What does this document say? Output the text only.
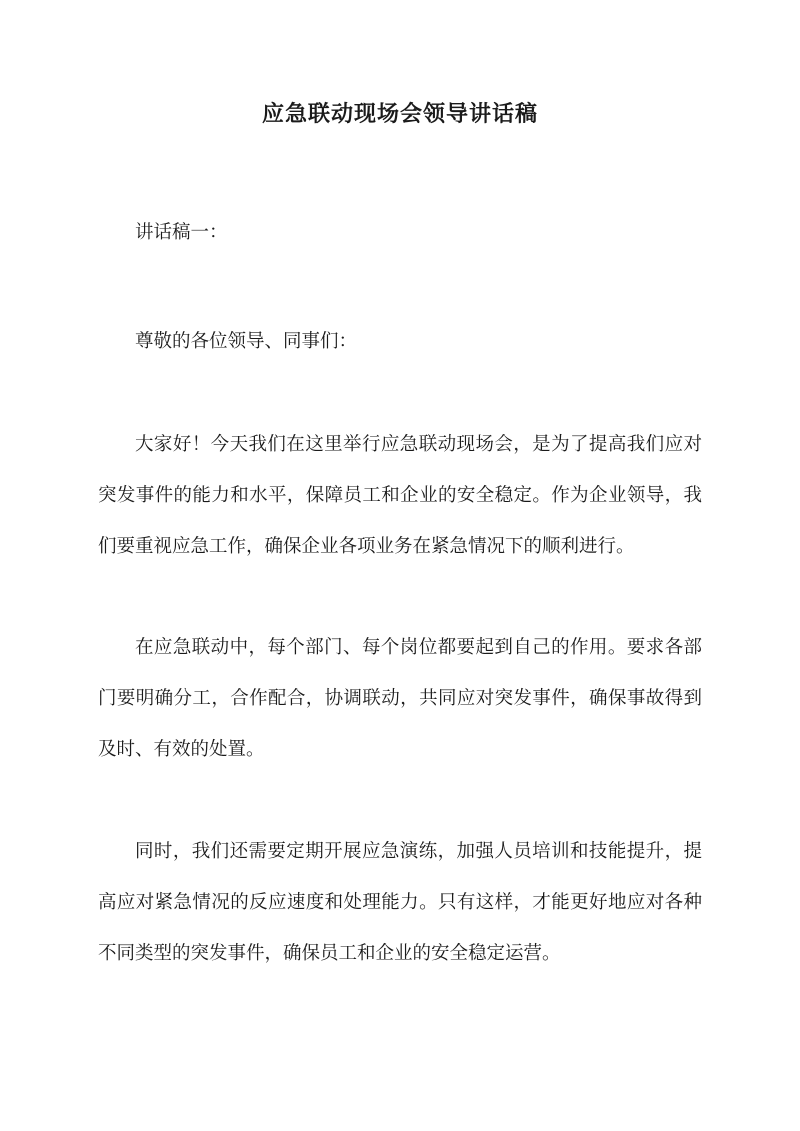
应急联动现场会领导讲话稿

讲话稿一：

尊敬的各位领导、同事们：

大家好！今天我们在这里举行应急联动现场会，是为了提高我们应对突发事件的能力和水平，保障员工和企业的安全稳定。作为企业领导，我们要重视应急工作，确保企业各项业务在紧急情况下的顺利进行。

在应急联动中，每个部门、每个岗位都要起到自己的作用。要求各部门要明确分工，合作配合，协调联动，共同应对突发事件，确保事故得到及时、有效的处置。

同时，我们还需要定期开展应急演练，加强人员培训和技能提升，提高应对紧急情况的反应速度和处理能力。只有这样，才能更好地应对各种不同类型的突发事件，确保员工和企业的安全稳定运营。
